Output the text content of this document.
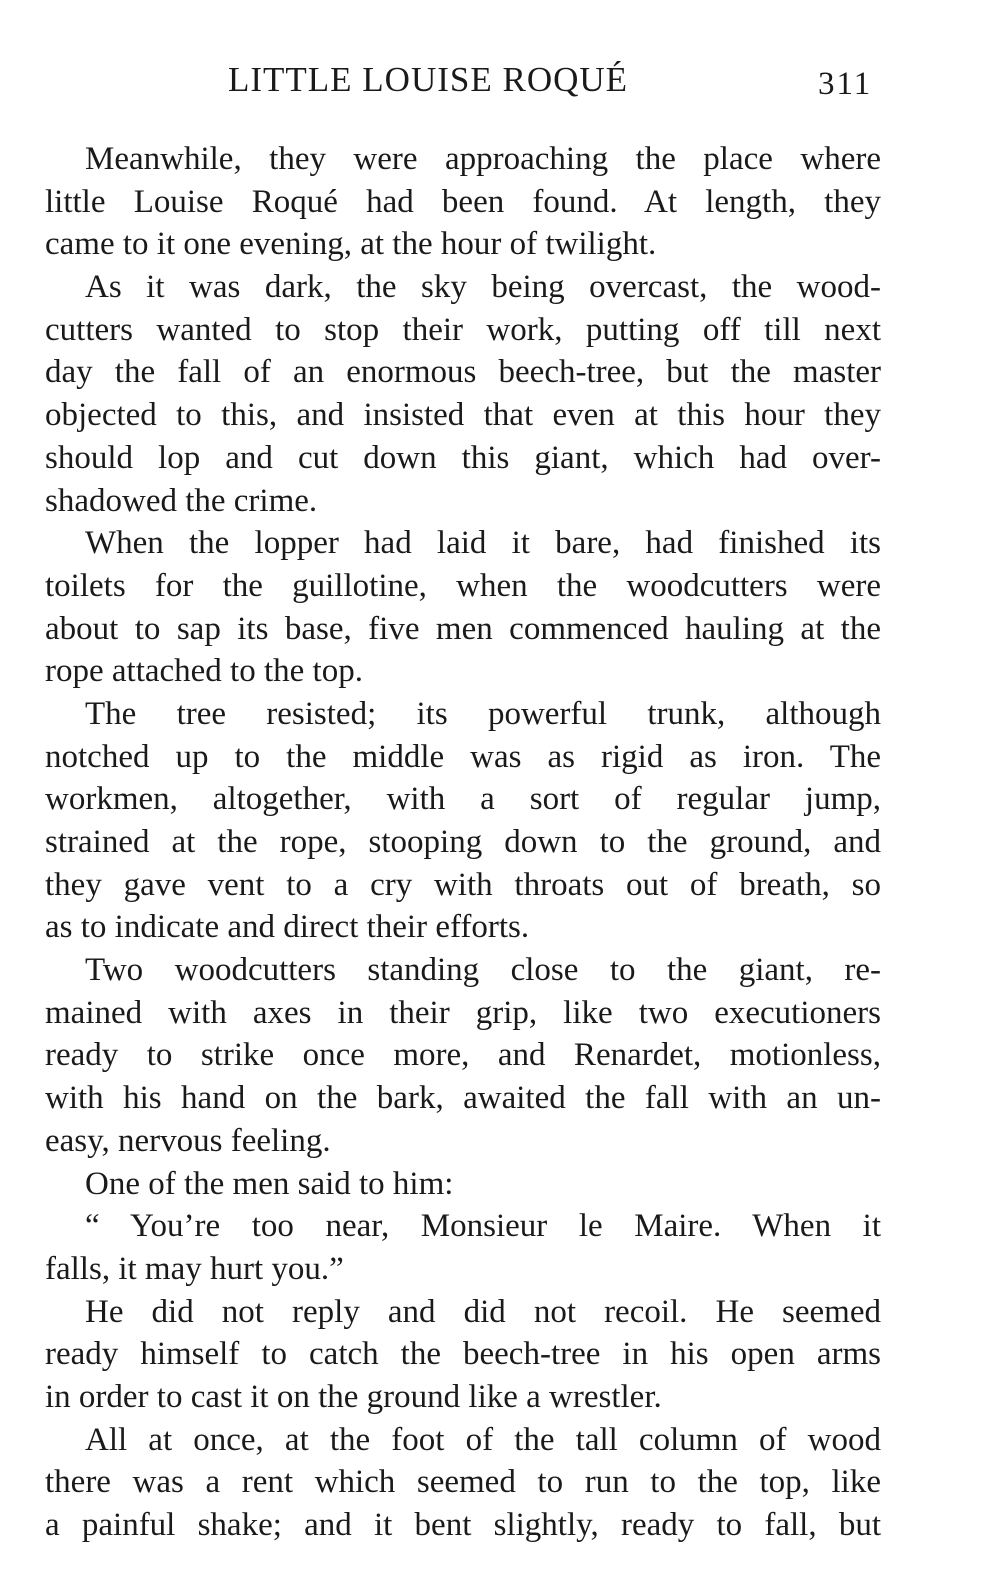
LITTLE LOUISE ROQUÉ	311
Meanwhile, they were approaching the place where
little Louise Roqué had been found. At length, they
came to it one evening, at the hour of twilight.
As it was dark, the sky being overcast, the wood-
cutters wanted to stop their work, putting off till next
day the fall of an enormous beech-tree, but the master
objected to this, and insisted that even at this hour they
should lop and cut down this giant, which had over-
shadowed the crime.
When the lopper had laid it bare, had finished its
toilets for the guillotine, when the woodcutters were
about to sap its base, five men commenced hauling at the
rope attached to the top.
The tree resisted; its powerful trunk, although
notched up to the middle was as rigid as iron. The
workmen, altogether, with a sort of regular jump,
strained at the rope, stooping down to the ground, and
they gave vent to a cry with throats out of breath, so
as to indicate and direct their efforts.
Two woodcutters standing close to the giant, re-
mained with axes in their grip, like two executioners
ready to strike once more, and Renardet, motionless,
with his hand on the bark, awaited the fall with an un-
easy, nervous feeling.
One of the men said to him:
“ You’re too near, Monsieur le Maire. When it
falls, it may hurt you.”
He did not reply and did not recoil. He seemed
ready himself to catch the beech-tree in his open arms
in order to cast it on the ground like a wrestler.
All at once, at the foot of the tall column of wood
there was a rent which seemed to run to the top, like
a painful shake; and it bent slightly, ready to fall, but
